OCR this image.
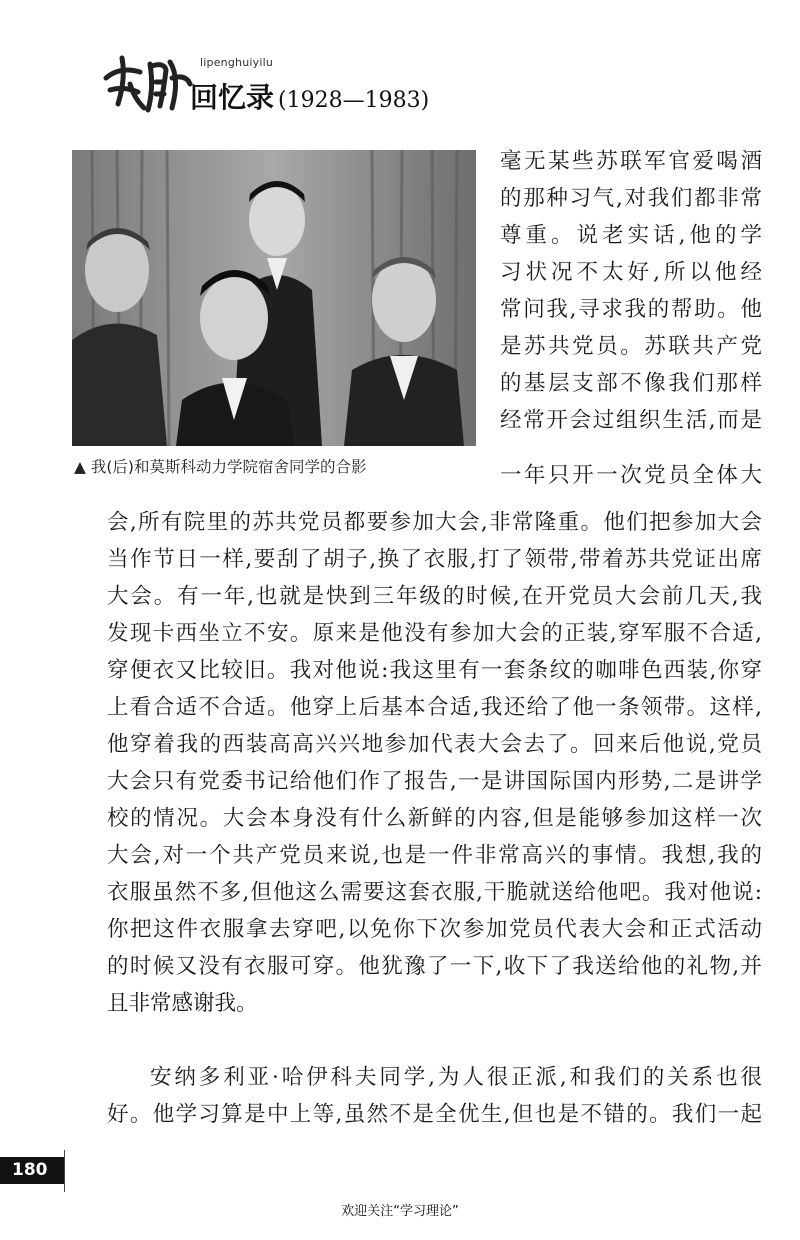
lipenghuiyilu
回忆录 (1928—1983)
▲ 我(后)和莫斯科动力学院宿舍同学的合影
毫无某些苏联军官爱喝酒
的那种习气,对我们都非常
尊重。说老实话,他的学
习状况不太好,所以他经
常问我,寻求我的帮助。他
是苏共党员。苏联共产党
的基层支部不像我们那样
经常开会过组织生活,而是
一年只开一次党员全体大
会,所有院里的苏共党员都要参加大会,非常隆重。他们把参加大会
当作节日一样,要刮了胡子,换了衣服,打了领带,带着苏共党证出席
大会。有一年,也就是快到三年级的时候,在开党员大会前几天,我
发现卡西坐立不安。原来是他没有参加大会的正装,穿军服不合适,
穿便衣又比较旧。我对他说:我这里有一套条纹的咖啡色西装,你穿
上看合适不合适。他穿上后基本合适,我还给了他一条领带。这样,
他穿着我的西装高高兴兴地参加代表大会去了。回来后他说,党员
大会只有党委书记给他们作了报告,一是讲国际国内形势,二是讲学
校的情况。大会本身没有什么新鲜的内容,但是能够参加这样一次
大会,对一个共产党员来说,也是一件非常高兴的事情。我想,我的
衣服虽然不多,但他这么需要这套衣服,干脆就送给他吧。我对他说:
你把这件衣服拿去穿吧,以免你下次参加党员代表大会和正式活动
的时候又没有衣服可穿。他犹豫了一下,收下了我送给他的礼物,并
且非常感谢我。
安纳多利亚·哈伊科夫同学,为人很正派,和我们的关系也很
好。他学习算是中上等,虽然不是全优生,但也是不错的。我们一起
180
欢迎关注“学习理论”
